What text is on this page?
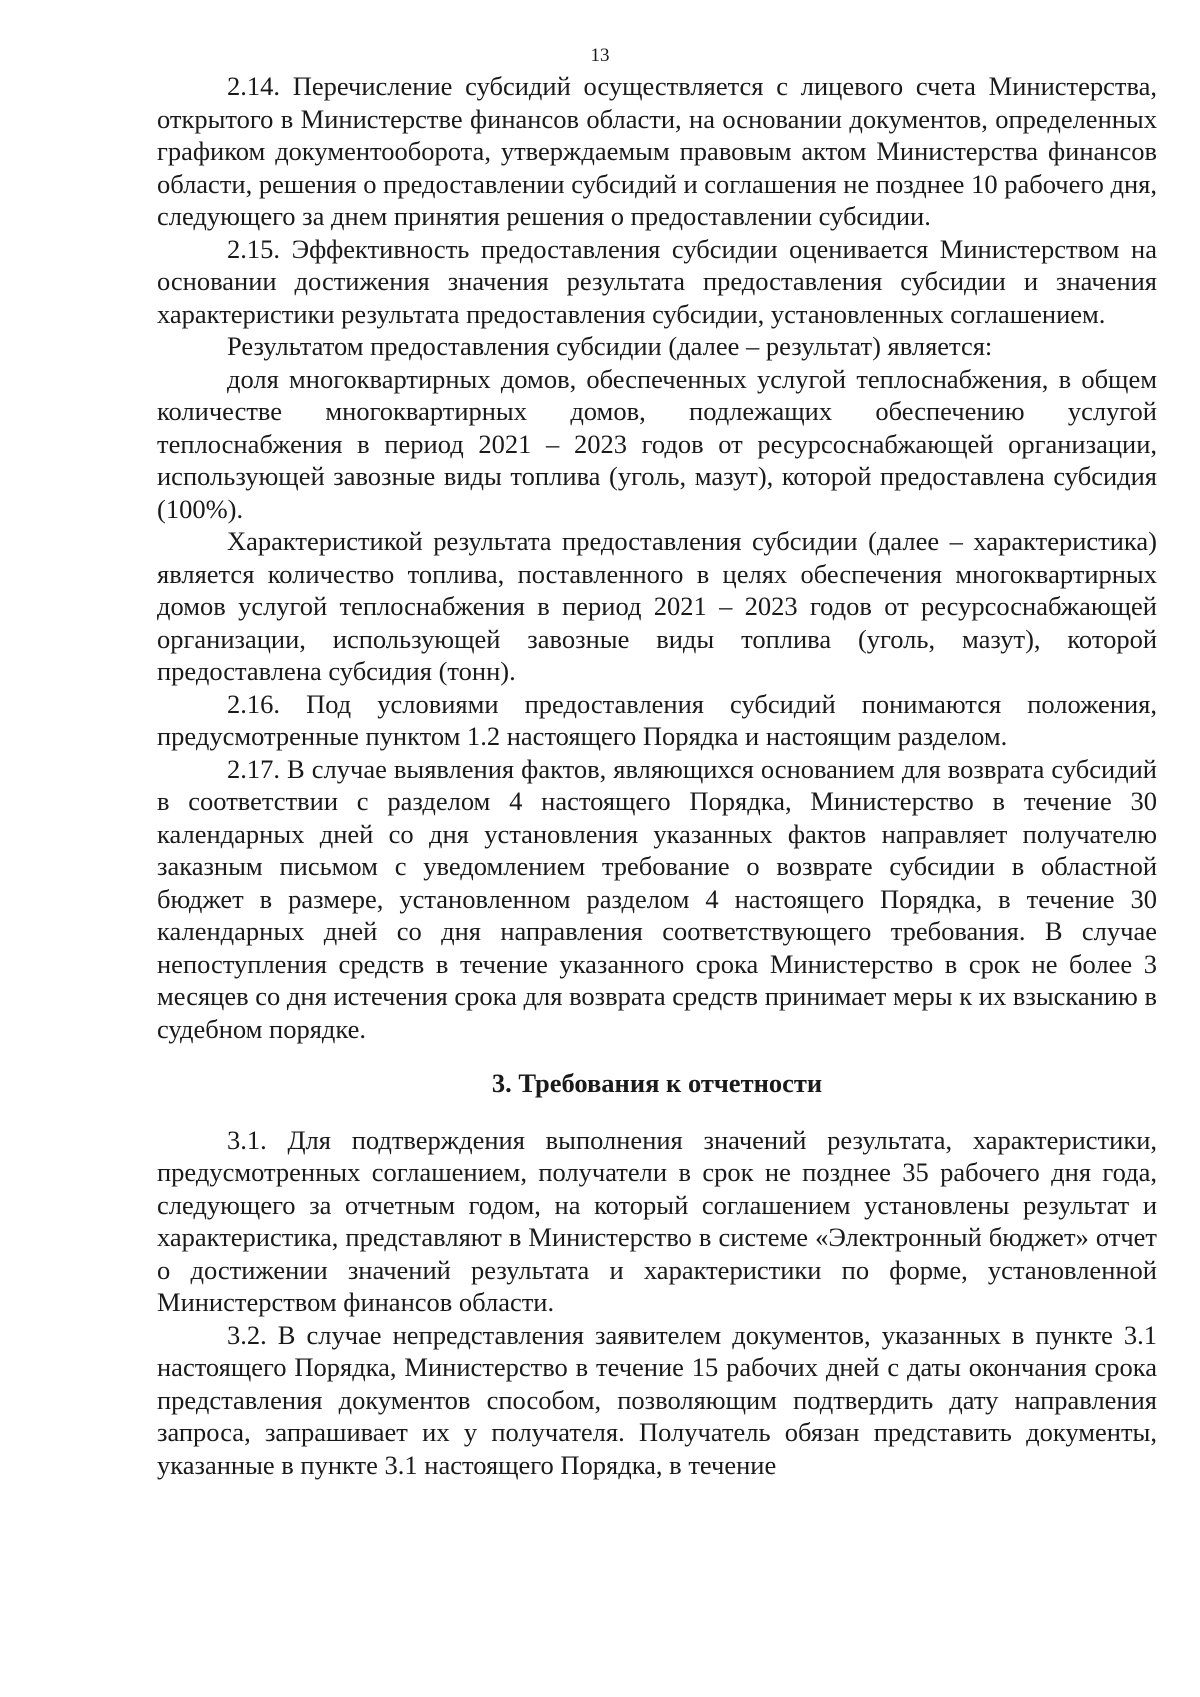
13

2.14. Перечисление субсидий осуществляется с лицевого счета Министерства, открытого в Министерстве финансов области, на основании документов, определенных графиком документооборота, утверждаемым правовым актом Министерства финансов области, решения о предоставлении субсидий и соглашения не позднее 10 рабочего дня, следующего за днем принятия решения о предоставлении субсидии.

2.15. Эффективность предоставления субсидии оценивается Министерством на основании достижения значения результата предоставления субсидии и значения характеристики результата предоставления субсидии, установленных соглашением.

Результатом предоставления субсидии (далее – результат) является:

доля многоквартирных домов, обеспеченных услугой теплоснабжения, в общем количестве многоквартирных домов, подлежащих обеспечению услугой теплоснабжения в период 2021 – 2023 годов от ресурсоснабжающей организации, использующей завозные виды топлива (уголь, мазут), которой предоставлена субсидия (100%).

Характеристикой результата предоставления субсидии (далее – характеристика) является количество топлива, поставленного в целях обеспечения многоквартирных домов услугой теплоснабжения в период 2021 – 2023 годов от ресурсоснабжающей организации, использующей завозные виды топлива (уголь, мазут), которой предоставлена субсидия (тонн).

2.16. Под условиями предоставления субсидий понимаются положения, предусмотренные пунктом 1.2 настоящего Порядка и настоящим разделом.

2.17. В случае выявления фактов, являющихся основанием для возврата субсидий в соответствии с разделом 4 настоящего Порядка, Министерство в течение 30 календарных дней со дня установления указанных фактов направляет получателю заказным письмом с уведомлением требование о возврате субсидии в областной бюджет в размере, установленном разделом 4 настоящего Порядка, в течение 30 календарных дней со дня направления соответствующего требования. В случае непоступления средств в течение указанного срока Министерство в срок не более 3 месяцев со дня истечения срока для возврата средств принимает меры к их взысканию в судебном порядке.

3. Требования к отчетности

3.1. Для подтверждения выполнения значений результата, характеристики, предусмотренных соглашением, получатели в срок не позднее 35 рабочего дня года, следующего за отчетным годом, на который соглашением установлены результат и характеристика, представляют в Министерство в системе «Электронный бюджет» отчет о достижении значений результата и характеристики по форме, установленной Министерством финансов области.

3.2. В случае непредставления заявителем документов, указанных в пункте 3.1 настоящего Порядка, Министерство в течение 15 рабочих дней с даты окончания срока представления документов способом, позволяющим подтвердить дату направления запроса, запрашивает их у получателя. Получатель обязан представить документы, указанные в пункте 3.1 настоящего Порядка, в течение
